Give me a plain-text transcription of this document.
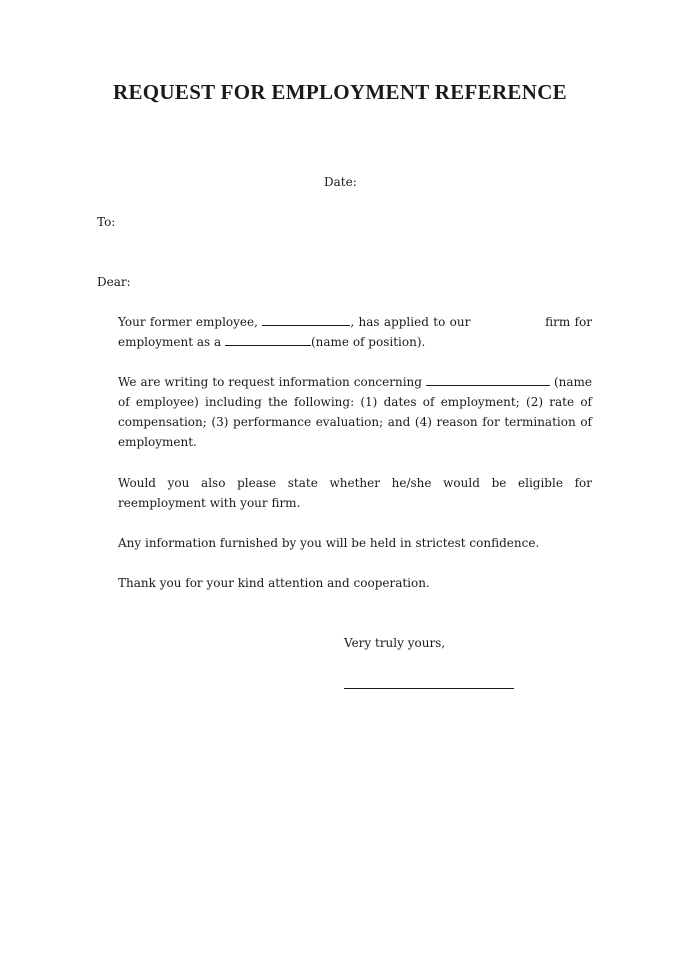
REQUEST FOR EMPLOYMENT REFERENCE
Date:
To:
Dear:
Your former employee,	, has applied to our	firm for employment as a	(name of position).
We are writing to request information concerning	(name of employee) including the following: (1) dates of employment; (2) rate of compensation; (3) performance evaluation; and (4) reason for termination of employment.
Would you also please state whether he/she would be eligible for reemployment with your firm.
Any information furnished by you will be held in strictest confidence.
Thank you for your kind attention and cooperation.
Very truly yours,
